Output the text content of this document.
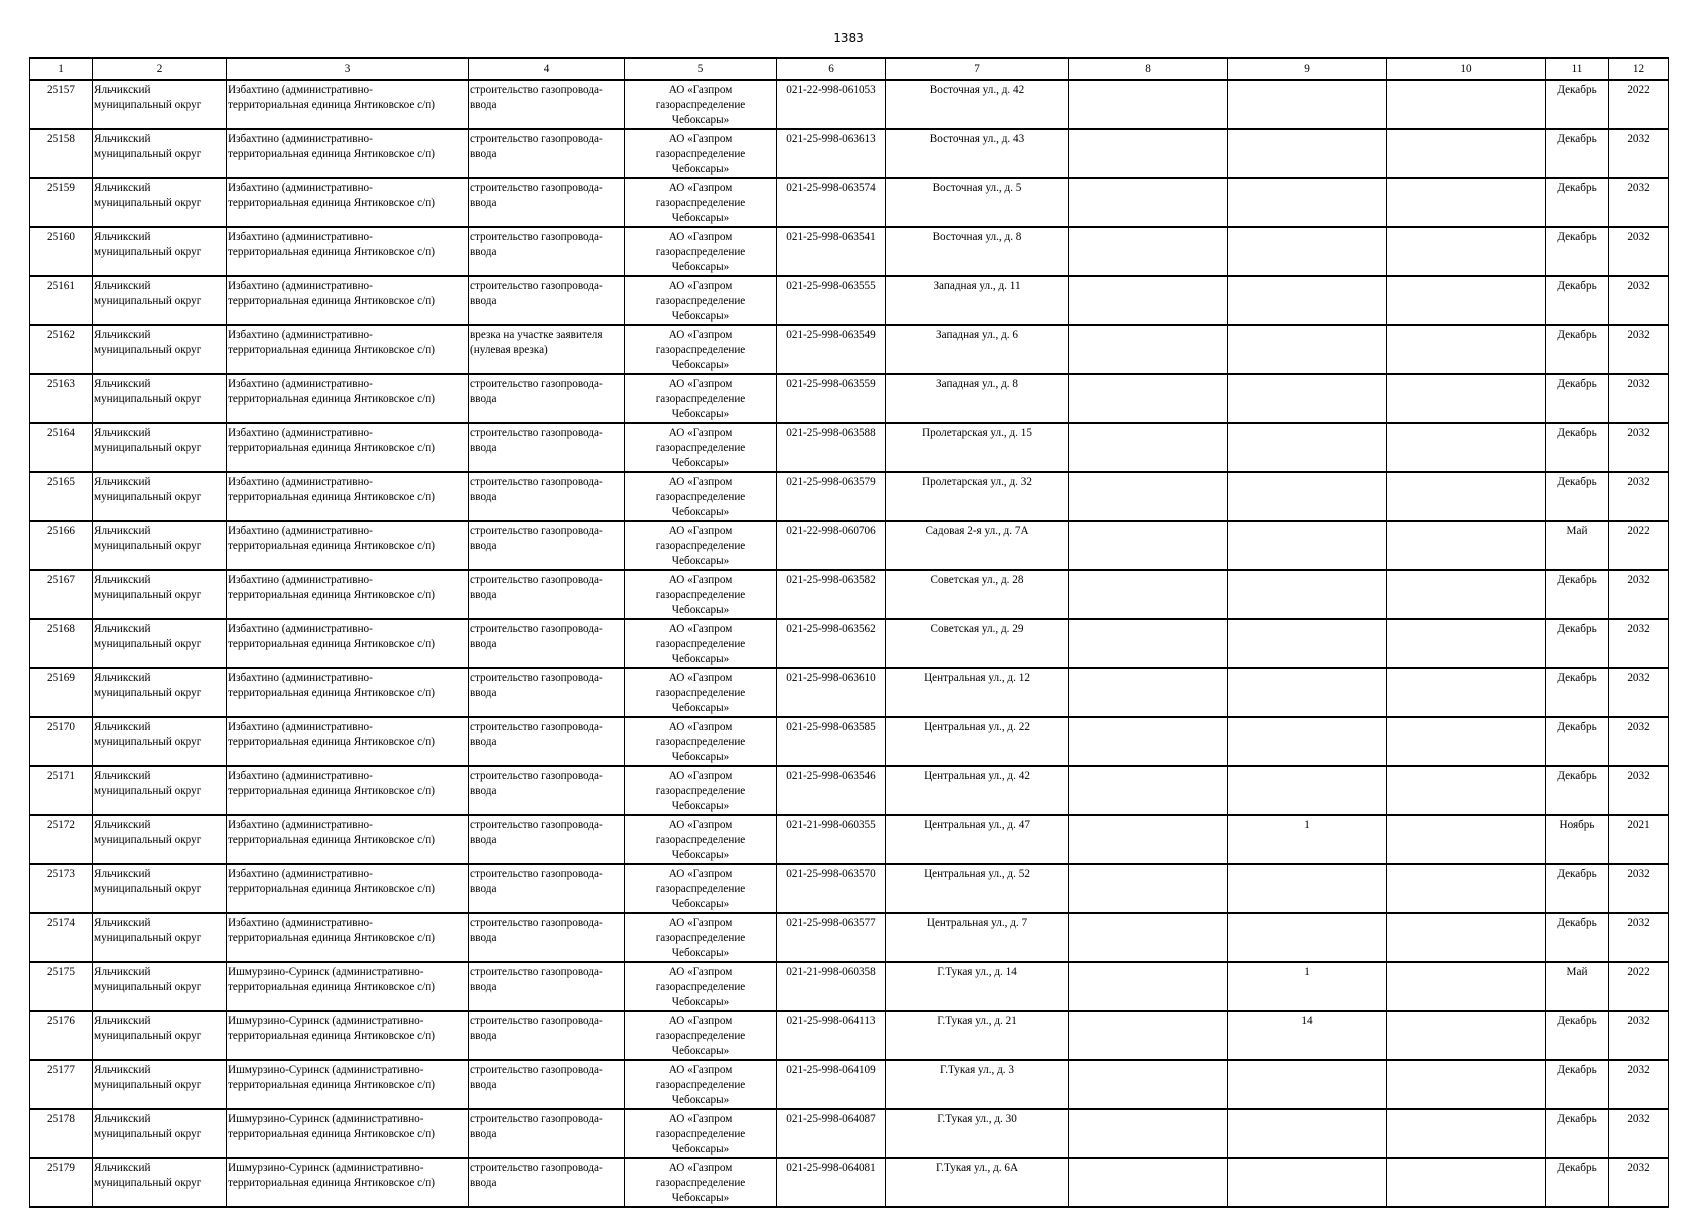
1383
1	2	3	4	5	6	7	8	9	10	11	12
25157	Яльчикский
муниципальный округ	Избахтино (административно-
территориальная единица Янтиковское с/п)	строительство газопровода-
ввода	АО «Газпром
газораспределение
Чебоксары»	021-22-998-061053	Восточная ул., д. 42				Декабрь	2022
25158	Яльчикский
муниципальный округ	Избахтино (административно-
территориальная единица Янтиковское с/п)	строительство газопровода-
ввода	АО «Газпром
газораспределение
Чебоксары»	021-25-998-063613	Восточная ул., д. 43				Декабрь	2032
25159	Яльчикский
муниципальный округ	Избахтино (административно-
территориальная единица Янтиковское с/п)	строительство газопровода-
ввода	АО «Газпром
газораспределение
Чебоксары»	021-25-998-063574	Восточная ул., д. 5				Декабрь	2032
25160	Яльчикский
муниципальный округ	Избахтино (административно-
территориальная единица Янтиковское с/п)	строительство газопровода-
ввода	АО «Газпром
газораспределение
Чебоксары»	021-25-998-063541	Восточная ул., д. 8				Декабрь	2032
25161	Яльчикский
муниципальный округ	Избахтино (административно-
территориальная единица Янтиковское с/п)	строительство газопровода-
ввода	АО «Газпром
газораспределение
Чебоксары»	021-25-998-063555	Западная ул., д. 11				Декабрь	2032
25162	Яльчикский
муниципальный округ	Избахтино (административно-
территориальная единица Янтиковское с/п)	врезка на участке заявителя
(нулевая врезка)	АО «Газпром
газораспределение
Чебоксары»	021-25-998-063549	Западная ул., д. 6				Декабрь	2032
25163	Яльчикский
муниципальный округ	Избахтино (административно-
территориальная единица Янтиковское с/п)	строительство газопровода-
ввода	АО «Газпром
газораспределение
Чебоксары»	021-25-998-063559	Западная ул., д. 8				Декабрь	2032
25164	Яльчикский
муниципальный округ	Избахтино (административно-
территориальная единица Янтиковское с/п)	строительство газопровода-
ввода	АО «Газпром
газораспределение
Чебоксары»	021-25-998-063588	Пролетарская ул., д. 15				Декабрь	2032
25165	Яльчикский
муниципальный округ	Избахтино (административно-
территориальная единица Янтиковское с/п)	строительство газопровода-
ввода	АО «Газпром
газораспределение
Чебоксары»	021-25-998-063579	Пролетарская ул., д. 32				Декабрь	2032
25166	Яльчикский
муниципальный округ	Избахтино (административно-
территориальная единица Янтиковское с/п)	строительство газопровода-
ввода	АО «Газпром
газораспределение
Чебоксары»	021-22-998-060706	Садовая 2-я ул., д. 7А				Май	2022
25167	Яльчикский
муниципальный округ	Избахтино (административно-
территориальная единица Янтиковское с/п)	строительство газопровода-
ввода	АО «Газпром
газораспределение
Чебоксары»	021-25-998-063582	Советская ул., д. 28				Декабрь	2032
25168	Яльчикский
муниципальный округ	Избахтино (административно-
территориальная единица Янтиковское с/п)	строительство газопровода-
ввода	АО «Газпром
газораспределение
Чебоксары»	021-25-998-063562	Советская ул., д. 29				Декабрь	2032
25169	Яльчикский
муниципальный округ	Избахтино (административно-
территориальная единица Янтиковское с/п)	строительство газопровода-
ввода	АО «Газпром
газораспределение
Чебоксары»	021-25-998-063610	Центральная ул., д. 12				Декабрь	2032
25170	Яльчикский
муниципальный округ	Избахтино (административно-
территориальная единица Янтиковское с/п)	строительство газопровода-
ввода	АО «Газпром
газораспределение
Чебоксары»	021-25-998-063585	Центральная ул., д. 22				Декабрь	2032
25171	Яльчикский
муниципальный округ	Избахтино (административно-
территориальная единица Янтиковское с/п)	строительство газопровода-
ввода	АО «Газпром
газораспределение
Чебоксары»	021-25-998-063546	Центральная ул., д. 42				Декабрь	2032
25172	Яльчикский
муниципальный округ	Избахтино (административно-
территориальная единица Янтиковское с/п)	строительство газопровода-
ввода	АО «Газпром
газораспределение
Чебоксары»	021-21-998-060355	Центральная ул., д. 47		1		Ноябрь	2021
25173	Яльчикский
муниципальный округ	Избахтино (административно-
территориальная единица Янтиковское с/п)	строительство газопровода-
ввода	АО «Газпром
газораспределение
Чебоксары»	021-25-998-063570	Центральная ул., д. 52				Декабрь	2032
25174	Яльчикский
муниципальный округ	Избахтино (административно-
территориальная единица Янтиковское с/п)	строительство газопровода-
ввода	АО «Газпром
газораспределение
Чебоксары»	021-25-998-063577	Центральная ул., д. 7				Декабрь	2032
25175	Яльчикский
муниципальный округ	Ишмурзино-Суринск (административно-
территориальная единица Янтиковское с/п)	строительство газопровода-
ввода	АО «Газпром
газораспределение
Чебоксары»	021-21-998-060358	Г.Тукая ул., д. 14		1		Май	2022
25176	Яльчикский
муниципальный округ	Ишмурзино-Суринск (административно-
территориальная единица Янтиковское с/п)	строительство газопровода-
ввода	АО «Газпром
газораспределение
Чебоксары»	021-25-998-064113	Г.Тукая ул., д. 21		14		Декабрь	2032
25177	Яльчикский
муниципальный округ	Ишмурзино-Суринск (административно-
территориальная единица Янтиковское с/п)	строительство газопровода-
ввода	АО «Газпром
газораспределение
Чебоксары»	021-25-998-064109	Г.Тукая ул., д. 3				Декабрь	2032
25178	Яльчикский
муниципальный округ	Ишмурзино-Суринск (административно-
территориальная единица Янтиковское с/п)	строительство газопровода-
ввода	АО «Газпром
газораспределение
Чебоксары»	021-25-998-064087	Г.Тукая ул., д. 30				Декабрь	2032
25179	Яльчикский
муниципальный округ	Ишмурзино-Суринск (административно-
территориальная единица Янтиковское с/п)	строительство газопровода-
ввода	АО «Газпром
газораспределение
Чебоксары»	021-25-998-064081	Г.Тукая ул., д. 6А				Декабрь	2032
